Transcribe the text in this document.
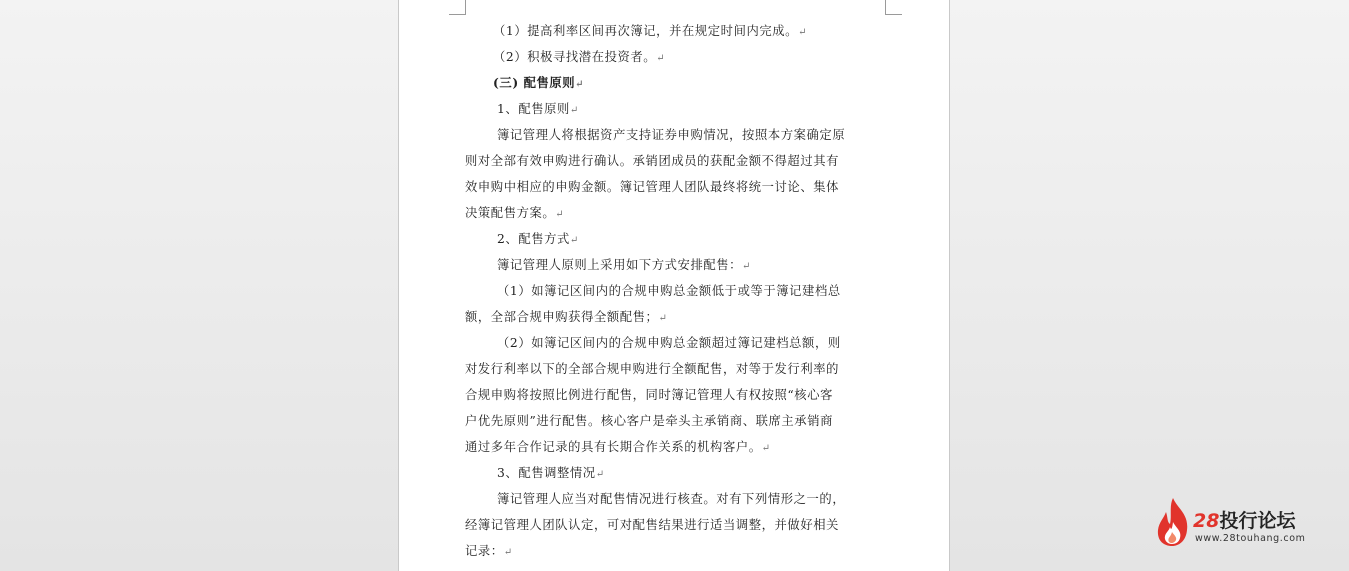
（1）提高利率区间再次簿记，并在规定时间内完成。↵
（2）积极寻找潜在投资者。↵
(三) 配售原则↵
1、配售原则↵
簿记管理人将根据资产支持证券申购情况，按照本方案确定原
则对全部有效申购进行确认。承销团成员的获配金额不得超过其有
效申购中相应的申购金额。簿记管理人团队最终将统一讨论、集体
决策配售方案。↵
2、配售方式↵
簿记管理人原则上采用如下方式安排配售：↵
（1）如簿记区间内的合规申购总金额低于或等于簿记建档总
额，全部合规申购获得全额配售；↵
（2）如簿记区间内的合规申购总金额超过簿记建档总额，则
对发行利率以下的全部合规申购进行全额配售，对等于发行利率的
合规申购将按照比例进行配售，同时簿记管理人有权按照“核心客
户优先原则”进行配售。核心客户是牵头主承销商、联席主承销商
通过多年合作记录的具有长期合作关系的机构客户。↵
3、配售调整情况↵
簿记管理人应当对配售情况进行核查。对有下列情形之一的，
经簿记管理人团队认定，可对配售结果进行适当调整，并做好相关
记录：↵
28投行论坛
www.28touhang.com
